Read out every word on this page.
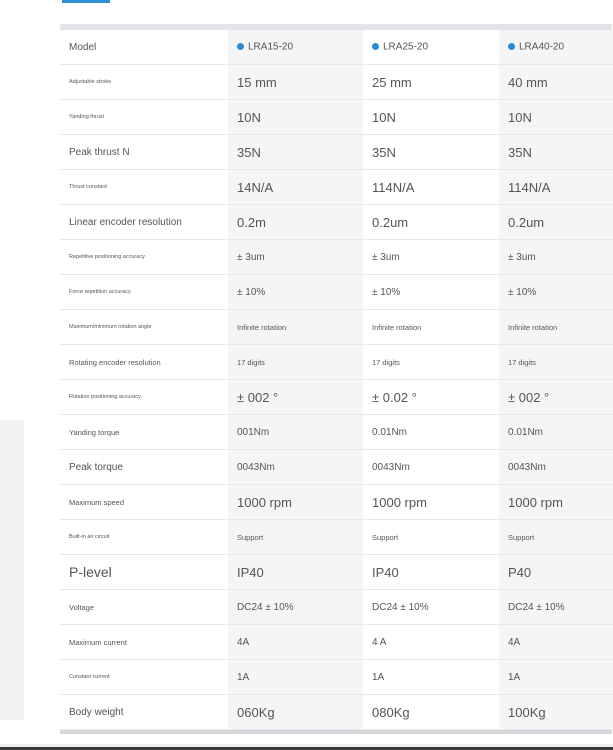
Model	LRA15-20	LRA25-20	LRA40-20
Adjustable stroke	15 mm	25 mm	40 mm
Yanding thrust	10N	10N	10N
Peak thrust N	35N	35N	35N
Thrust constant	14N/A	114N/A	114N/A
Linear encoder resolution	0.2m	0.2um	0.2um
Repetitive positioning accuracy	± 3um	± 3um	± 3um
Force repetition accuracy	± 10%	± 10%	± 10%
Maximum/minimum rotation angle	Infinite rotation	Infinite rotation	Infinite rotation
Rotating encoder resolution	17 digits	17 digits	17 digits
Rotation positioning accuracy	± 002 °	± 0.02 °	± 002 °
Yanding torque	001Nm	0.01Nm	0.01Nm
Peak torque	0043Nm	0043Nm	0043Nm
Maximum speed	1000 rpm	1000 rpm	1000 rpm
Built-in air circuit	Support	Support	Support
P-level	IP40	IP40	P40
Voltage	DC24 ± 10%	DC24 ± 10%	DC24 ± 10%
Maximum current	4A	4 A	4A
Constant current	1A	1A	1A
Body weight	060Kg	080Kg	100Kg
